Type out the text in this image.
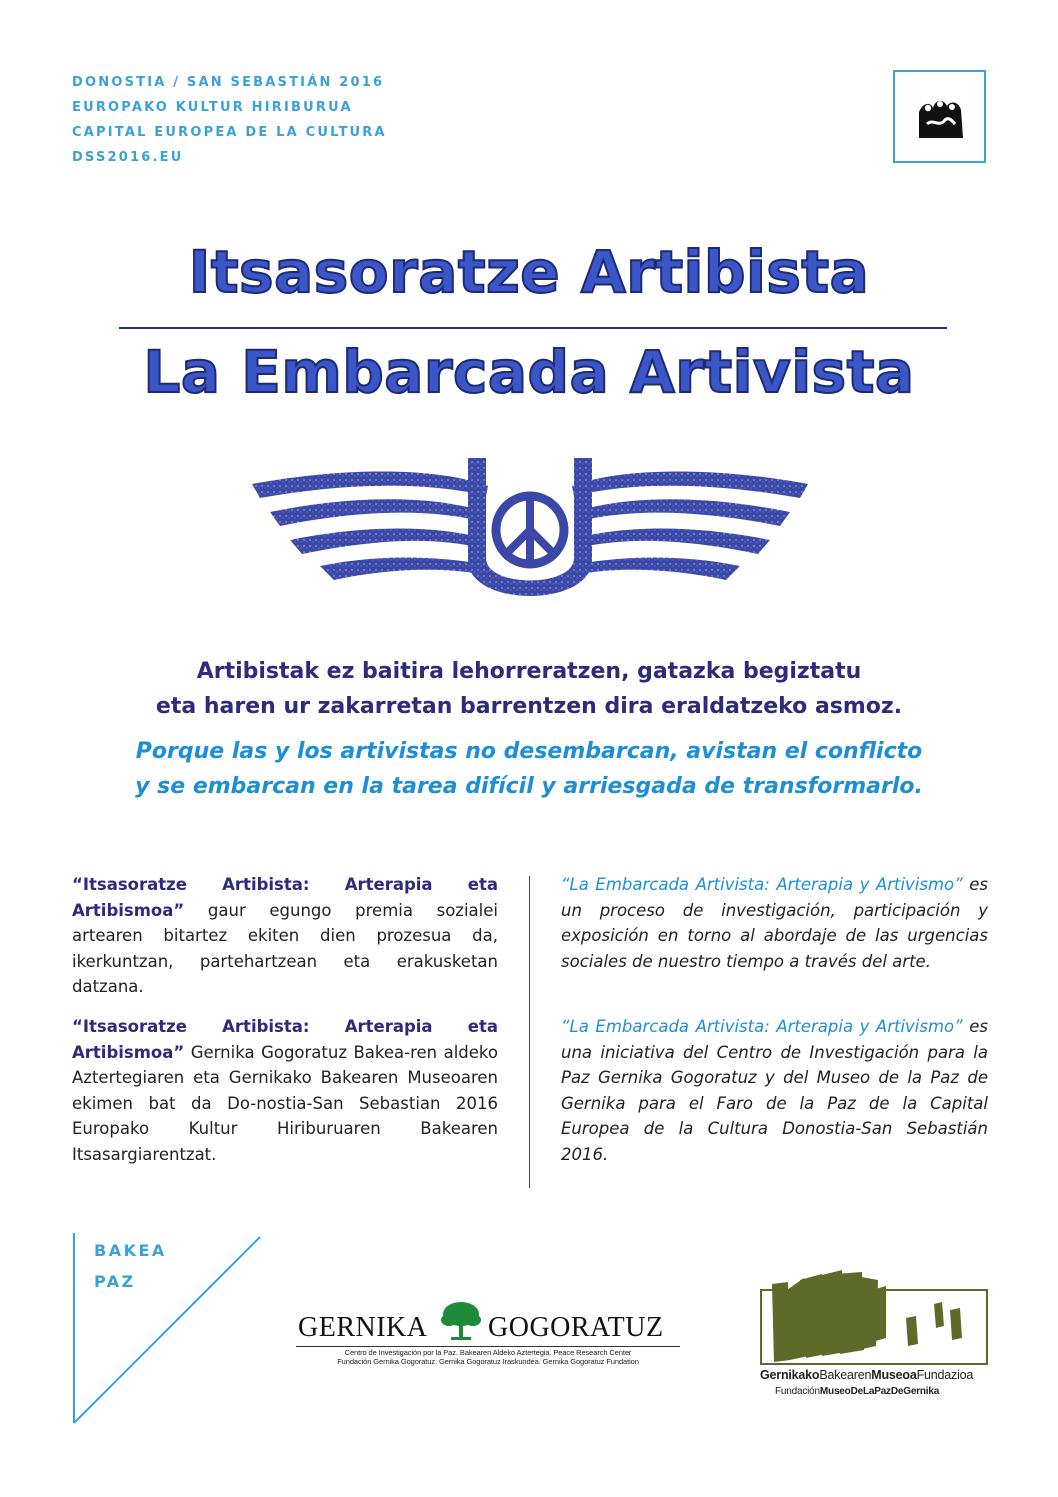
DONOSTIA / SAN SEBASTIÁN 2016
EUROPAKO KULTUR HIRIBURUA
CAPITAL EUROPEA DE LA CULTURA
DSS2016.EU
Itsasoratze Artibista
La Embarcada Artivista
Artibistak ez baitira lehorreratzen, gatazka begiztatu
eta haren ur zakarretan barrentzen dira eraldatzeko asmoz.
Porque las y los artivistas no desembarcan, avistan el conflicto
y se embarcan en la tarea difícil y arriesgada de transformarlo.

“Itsasoratze Artibista: Arterapia eta Artibismoa” gaur egungo premia sozialei artearen bitartez ekiten dien prozesua da, ikerkuntzan, partehartzean eta erakusketan datzana.

“Itsasoratze Artibista: Arterapia eta Artibismoa” Gernika Gogoratuz Bakea-ren aldeko Aztertegiaren eta Gernikako Bakearen Museoaren ekimen bat da Do-nostia-San Sebastian 2016 Europako Kultur Hiriburuaren Bakearen Itsasargiarentzat.

“La Embarcada Artivista: Arterapia y Artivismo” es un proceso de investigación, participación y exposición en torno al abordaje de las urgencias sociales de nuestro tiempo a través del arte.

“La Embarcada Artivista: Arterapia y Artivismo” es una iniciativa del Centro de Investigación para la Paz Gernika Gogoratuz y del Museo de la Paz de Gernika para el Faro de la Paz de la Capital Europea de la Cultura Donostia-San Sebastián 2016.

BAKEA
PAZ
GERNIKA GOGORATUZ
Centro de Investigación por la Paz. Bakearen Aldeko Aztertegia. Peace Research Center
Fundación Gernika Gogoratuz. Gernika Gogoratuz Iraskundea. Gernika Gogoratuz Fundation
GernikakoBakearenMuseoaFundazioa
FundaciónMuseoDeLaPazDeGernika
